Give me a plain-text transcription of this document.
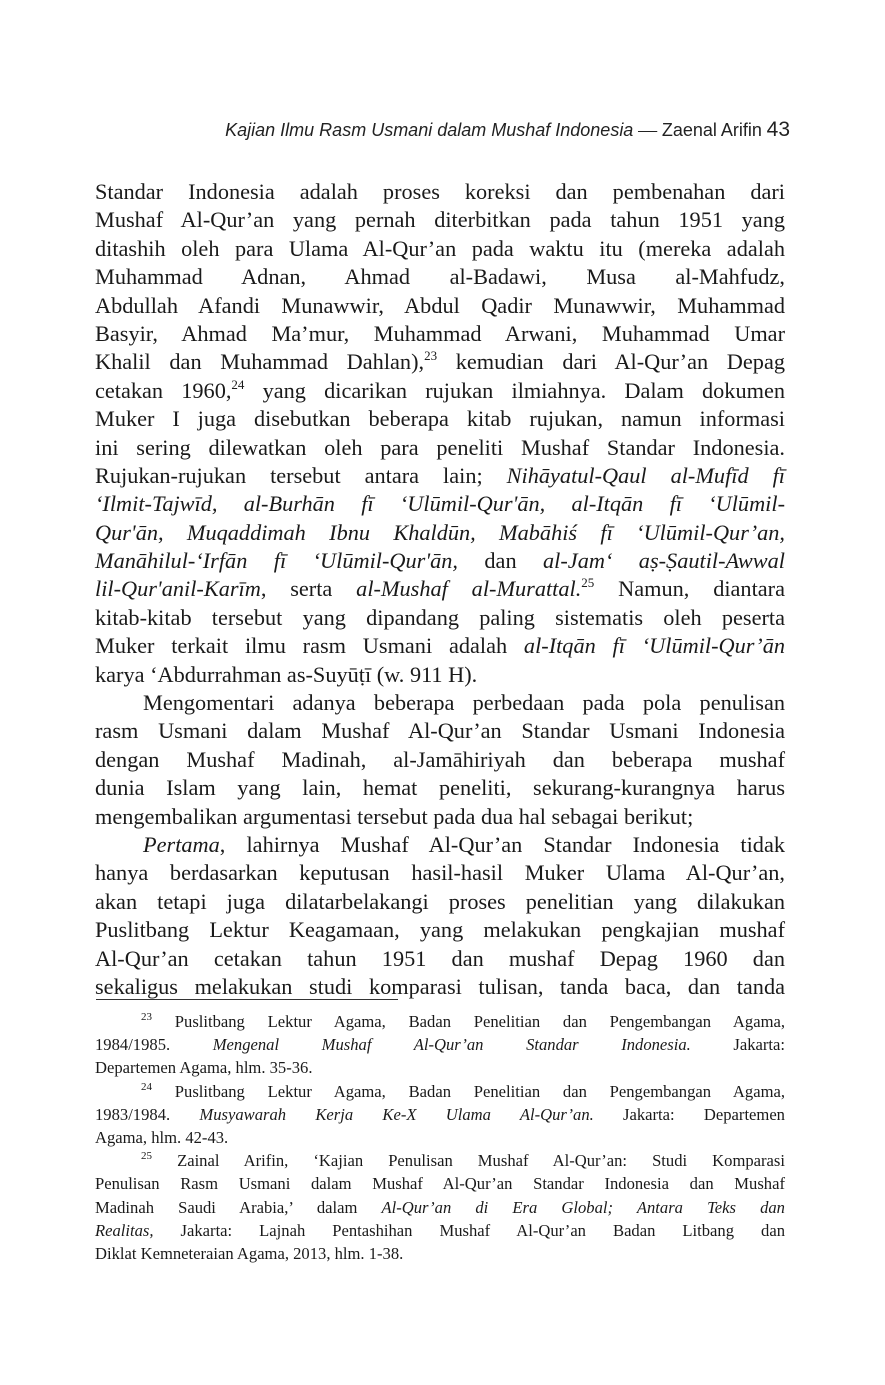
Kajian Ilmu Rasm Usmani dalam Mushaf Indonesia — Zaenal Arifin 43
Standar Indonesia adalah proses koreksi dan pembenahan dari
Mushaf Al-Qur’an yang pernah diterbitkan pada tahun 1951 yang
ditashih oleh para Ulama Al-Qur’an pada waktu itu (mereka adalah
Muhammad Adnan, Ahmad al-Badawi, Musa al-Mahfudz,
Abdullah Afandi Munawwir, Abdul Qadir Munawwir, Muhammad
Basyir, Ahmad Ma’mur, Muhammad Arwani, Muhammad Umar
Khalil dan Muhammad Dahlan),$^{23}$ kemudian dari Al-Qur’an Depag
cetakan 1960,24 yang dicarikan rujukan ilmiahnya. Dalam dokumen
Muker I juga disebutkan beberapa kitab rujukan, namun informasi
ini sering dilewatkan oleh para peneliti Mushaf Standar Indonesia.
Rujukan-rujukan tersebut antara lain; Nihāyatul-Qaul al-Mufīd fī
‘Ilmit-Tajwīd, al-Burhān fī ‘Ulūmil-Qur'ān, al-Itqān fī ‘Ulūmil-
Qur'ān, Muqaddimah Ibnu Khaldūn, Mabāhiś fī ‘Ulūmil-Qur’an,
Manāhilul-‘Irfān fī ‘Ulūmil-Qur'ān, dan al-Jam‘ aṣ-Ṣautil-Awwal
lil-Qur'anil-Karīm, serta al-Mushaf al-Murattal.$^{25}$ Namun, diantara
kitab-kitab tersebut yang dipandang paling sistematis oleh peserta
Muker terkait ilmu rasm Usmani adalah al-Itqān fī ‘Ulūmil-Qur’ān
karya ‘Abdurrahman as-Suyūṭī (w. 911 H).
Mengomentari adanya beberapa perbedaan pada pola penulisan
rasm Usmani dalam Mushaf Al-Qur’an Standar Usmani Indonesia
dengan Mushaf Madinah, al-Jamāhiriyah dan beberapa mushaf
dunia Islam yang lain, hemat peneliti, sekurang-kurangnya harus
mengembalikan argumentasi tersebut pada dua hal sebagai berikut;
Pertama, lahirnya Mushaf Al-Qur’an Standar Indonesia tidak
hanya berdasarkan keputusan hasil-hasil Muker Ulama Al-Qur’an,
akan tetapi juga dilatarbelakangi proses penelitian yang dilakukan
Puslitbang Lektur Keagamaan, yang melakukan pengkajian mushaf
Al-Qur’an cetakan tahun 1951 dan mushaf Depag 1960 dan
sekaligus melakukan studi komparasi tulisan, tanda baca, dan tanda
$^{23}$ Puslitbang Lektur Agama, Badan Penelitian dan Pengembangan Agama,
1984/1985. Mengenal Mushaf Al-Qur’an Standar Indonesia. Jakarta:
Departemen Agama, hlm. 35-36.
$^{24}$ Puslitbang Lektur Agama, Badan Penelitian dan Pengembangan Agama,
1983/1984. Musyawarah Kerja Ke-X Ulama Al-Qur’an. Jakarta: Departemen
Agama, hlm. 42-43.
$^{25}$ Zainal Arifin, ‘Kajian Penulisan Mushaf Al-Qur’an: Studi Komparasi
Penulisan Rasm Usmani dalam Mushaf Al-Qur’an Standar Indonesia dan Mushaf
Madinah Saudi Arabia,’ dalam Al-Qur’an di Era Global; Antara Teks dan
Realitas, Jakarta: Lajnah Pentashihan Mushaf Al-Qur’an Badan Litbang dan
Diklat Kemneteraian Agama, 2013, hlm. 1-38.
